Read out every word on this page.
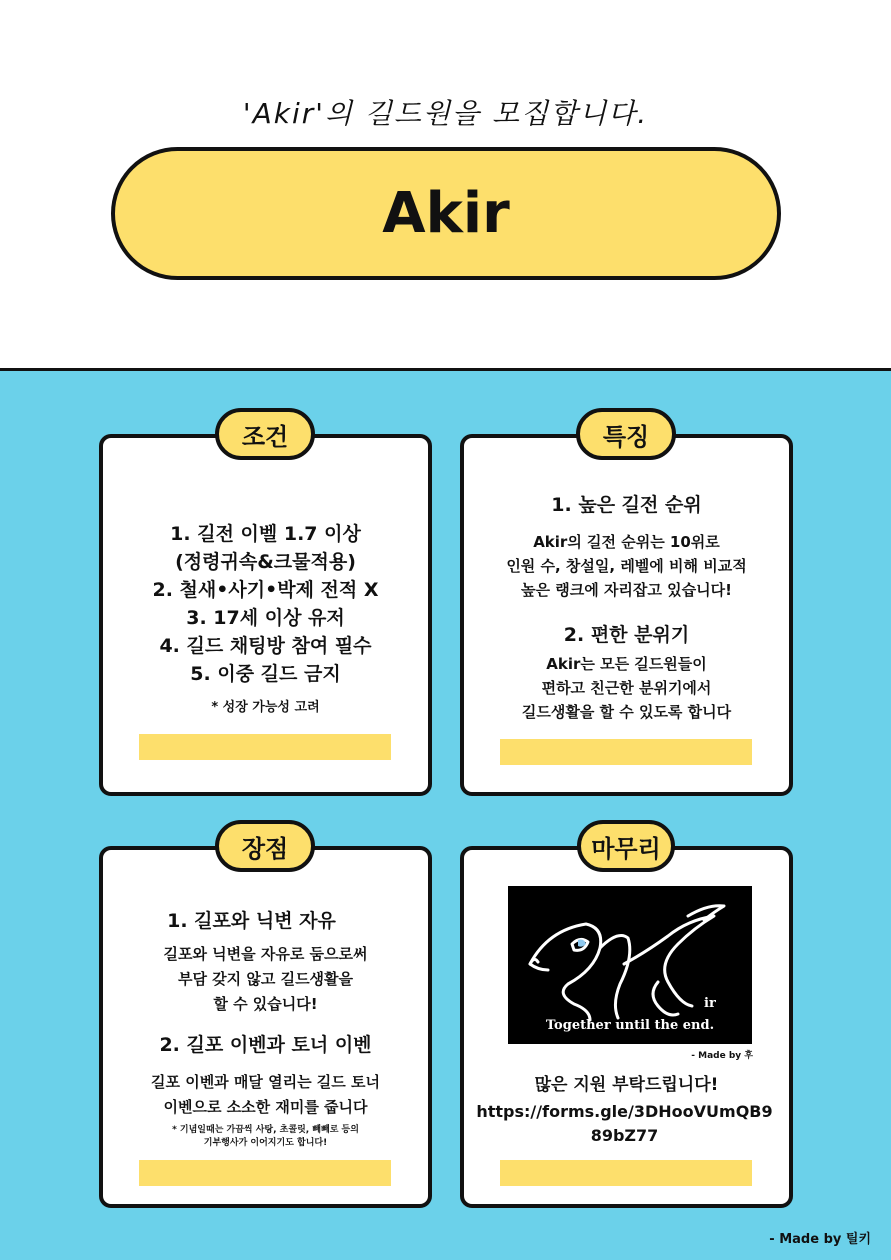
'Akir'의 길드원을 모집합니다.
Akir
1. 길전 이벨 1.7 이상
(정령귀속&크물적용)
2. 철새•사기•박제 전적 X
3. 17세 이상 유저
4. 길드 채팅방 참여 필수
5. 이중 길드 금지
* 성장 가능성 고려
조건
1. 높은 길전 순위
Akir의 길전 순위는 10위로
인원 수, 창설일, 레벨에 비해 비교적
높은 랭크에 자리잡고 있습니다!
2. 편한 분위기
Akir는 모든 길드원들이
편하고 친근한 분위기에서
길드생활을 할 수 있도록 합니다
특징
1. 길포와 닉변 자유
길포와 닉변을 자유로 둠으로써
부담 갖지 않고 길드생활을
할 수 있습니다!
2. 길포 이벤과 토너 이벤
길포 이벤과 매달 열리는 길드 토너
이벤으로 소소한 재미를 줍니다
* 기념일때는 가끔씩 사탕, 초콜릿, 빼빼로 등의
기부행사가 이어지기도 합니다!
장점
ir
Together until the end.
- Made by 후
많은 지원 부탁드립니다!
https://forms.gle/3DHooVUmQB9
89bZ77
마무리
- Made by 틸키
